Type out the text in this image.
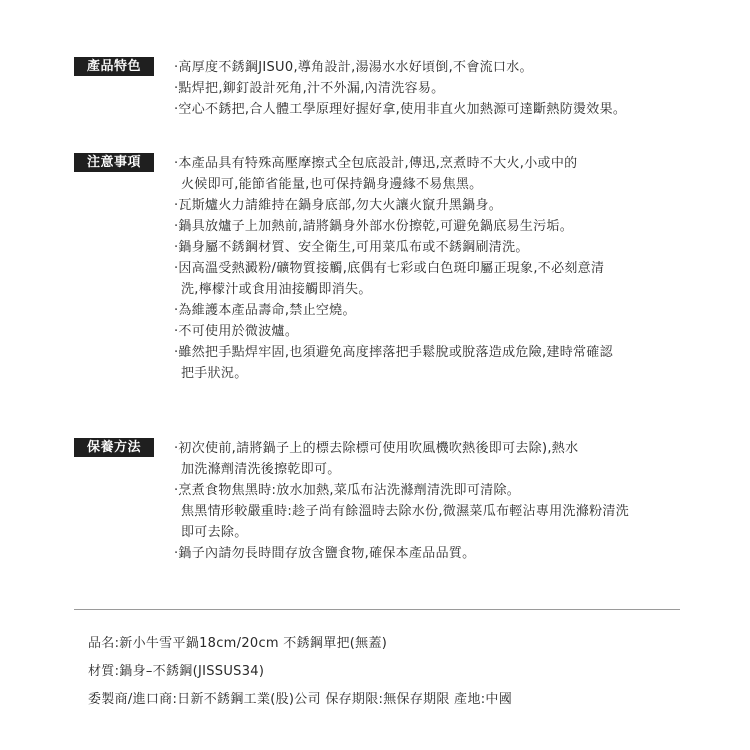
產品特色	·高厚度不銹鋼JISU0,導角設計,湯湯水水好頃倒,不會流口水。
·點焊把,鉚釘設計死角,汁不外漏,內清洗容易。
·空心不銹把,合人體工學原理好握好拿,使用非直火加熱源可達斷熱防燙效果。
注意事項	·本產品具有特殊高壓摩擦式全包底設計,傳迅,烹煮時不大火,小或中的
火候即可,能節省能量,也可保持鍋身邊緣不易焦黑。
·瓦斯爐火力請維持在鍋身底部,勿大火讓火竄升黑鍋身。
·鍋具放爐子上加熱前,請將鍋身外部水份擦乾,可避免鍋底易生污垢。
·鍋身屬不銹鋼材質、安全衛生,可用菜瓜布或不銹鋼刷清洗。
·因高溫受熱澱粉/礦物質接觸,底偶有七彩或白色斑印屬正現象,不必刻意清
洗,檸檬汁或食用油接觸即消失。
·為維護本產品壽命,禁止空燒。
·不可使用於微波爐。
·雖然把手點焊牢固,也須避免高度摔落把手鬆脫或脫落造成危險,建時常確認
把手狀況。
保養方法	·初次使前,請將鍋子上的標去除標可使用吹風機吹熱後即可去除),熱水
加洗滌劑清洗後擦乾即可。
·烹煮食物焦黑時:放水加熱,菜瓜布沾洗滌劑清洗即可清除。
焦黑情形較嚴重時:趁子尚有餘溫時去除水份,微濕菜瓜布輕沾專用洗滌粉清洗
即可去除。
·鍋子內請勿長時間存放含鹽食物,確保本產品品質。
品名:新小牛雪平鍋18cm/20cm 不銹鋼單把(無蓋)
材質:鍋身–不銹鋼(JISSUS34)
委製商/進口商:日新不銹鋼工業(股)公司 保存期限:無保存期限 產地:中國
